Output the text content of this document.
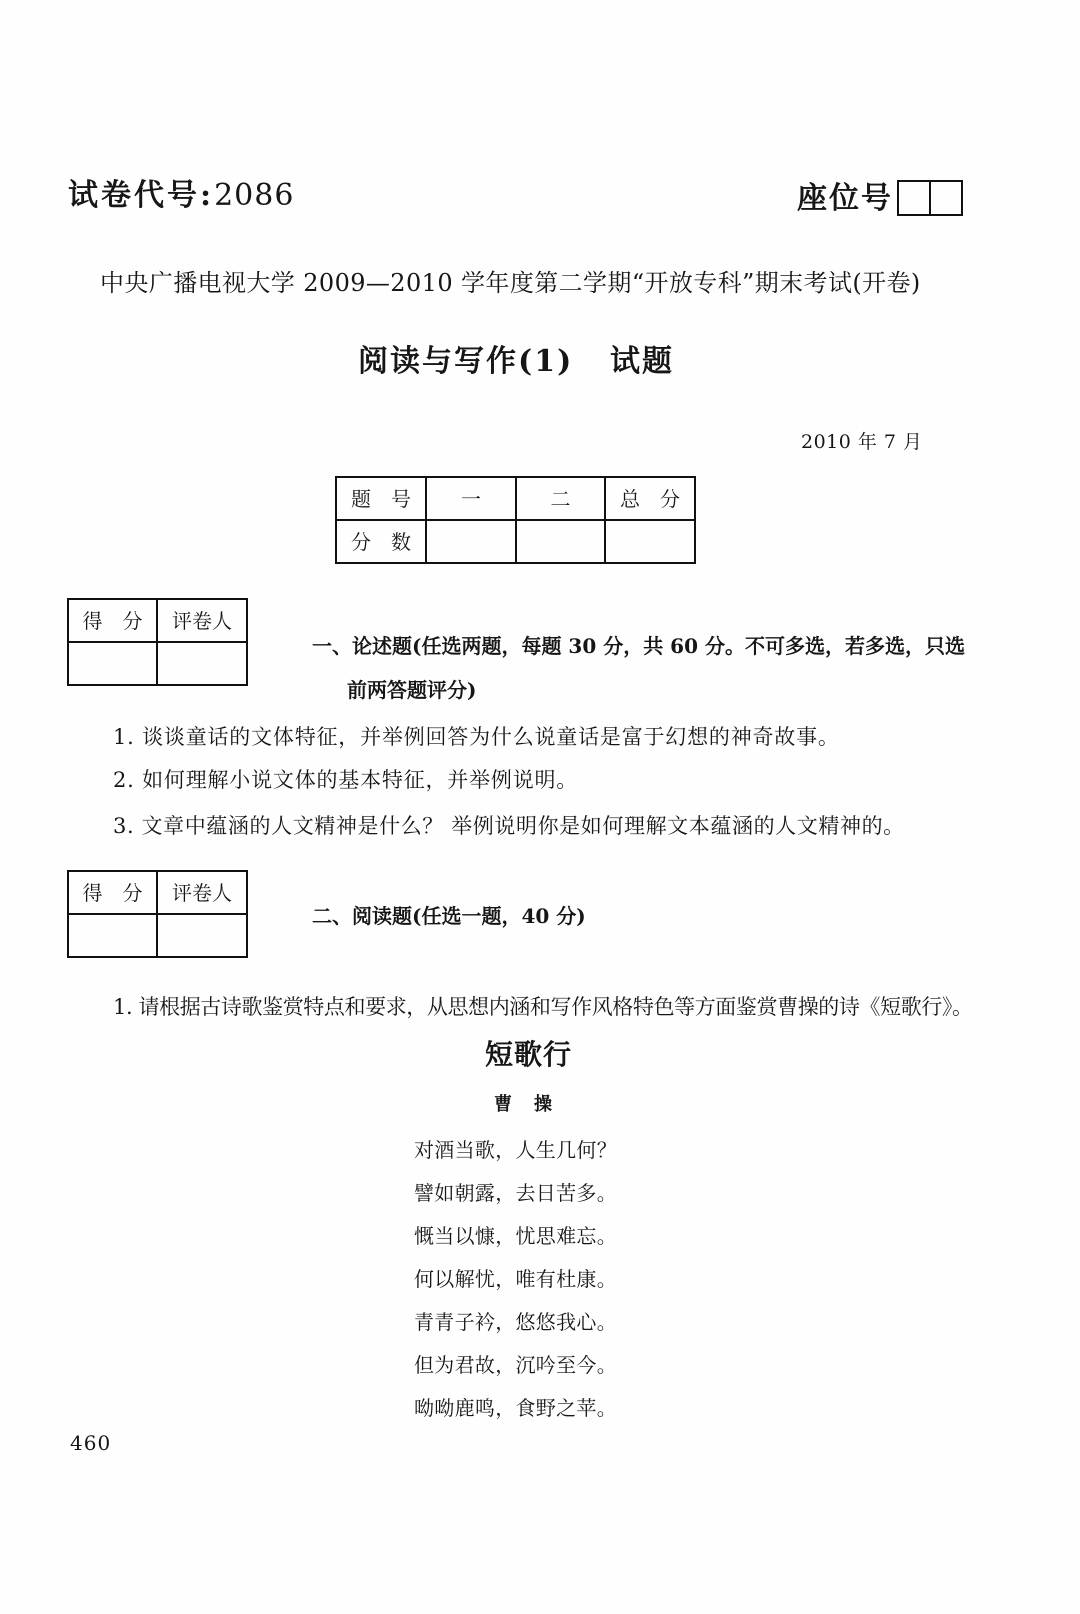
试卷代号:2086	座位号
中央广播电视大学 2009—2010 学年度第二学期“开放专科”期末考试(开卷)
阅读与写作(1) 试题
2010 年 7 月
题　号	一	二	总　分
分　数			
得　分	评卷人

一、论述题(任选两题，每题 30 分，共 60 分。不可多选，若多选，只选
前两答题评分)
1. 谈谈童话的文体特征，并举例回答为什么说童话是富于幻想的神奇故事。
2. 如何理解小说文体的基本特征，并举例说明。
3. 文章中蕴涵的人文精神是什么？ 举例说明你是如何理解文本蕴涵的人文精神的。
得　分	评卷人

二、阅读题(任选一题，40 分)
1. 请根据古诗歌鉴赏特点和要求，从思想内涵和写作风格特色等方面鉴赏曹操的诗《短歌行》。
短歌行
曹　操
对酒当歌，人生几何？
譬如朝露，去日苦多。
慨当以慷，忧思难忘。
何以解忧，唯有杜康。
青青子衿，悠悠我心。
但为君故，沉吟至今。
呦呦鹿鸣，食野之苹。
460
